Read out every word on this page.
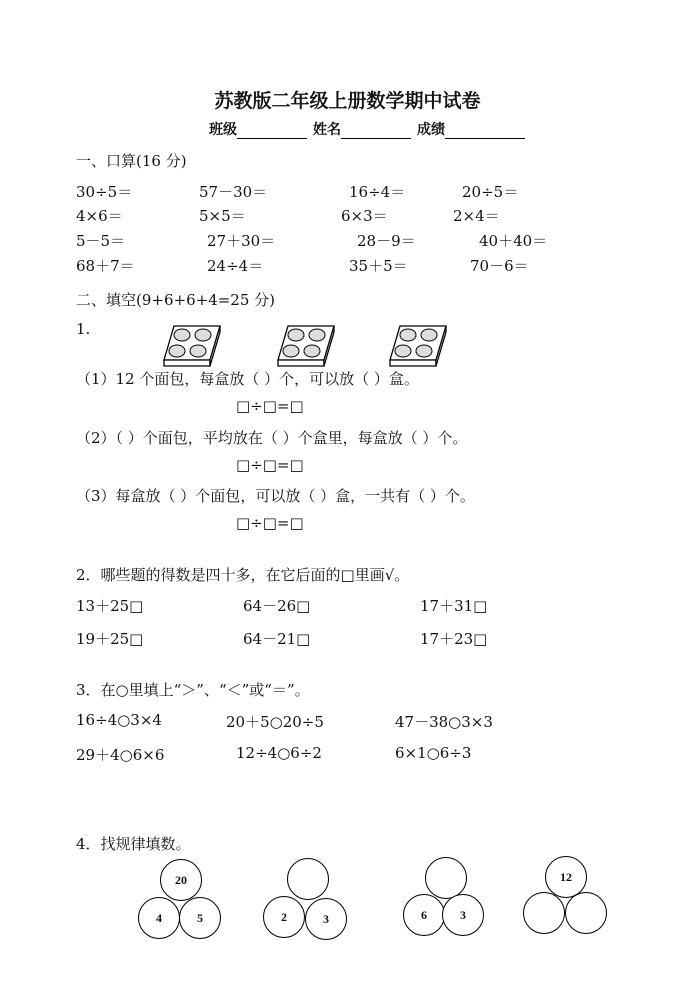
苏教版二年级上册数学期中试卷
班级	姓名	成绩
一、口算(16 分)
30÷5＝	57－30＝	16÷4＝	20÷5＝
4×6＝	5×5＝	6×3＝	2×4＝
5－5＝	27＋30＝	28－9＝	40＋40＝
68＋7＝	24÷4＝	35＋5＝	70－6＝
二、填空(9+6+6+4=25 分)
1.
（1）12 个面包，每盒放（ ）个，可以放（ ）盒。
□÷□=□
（2）（ ）个面包，平均放在（ ）个盒里，每盒放（ ）个。
□÷□=□
（3）每盒放（ ）个面包，可以放（ ）盒，一共有（ ）个。
□÷□=□
2．哪些题的得数是四十多，在它后面的□里画√。
13＋25□	64－26□	17＋31□
19＋25□	64－21□	17＋23□
3．在○里填上“＞”、“＜”或“＝”。
16÷4○3×4	20＋5○20÷5	47－38○3×3
29＋4○6×6	12÷4○6÷2	6×1○6÷3
4．找规律填数。
20
4	5	2	3	6	3
12
